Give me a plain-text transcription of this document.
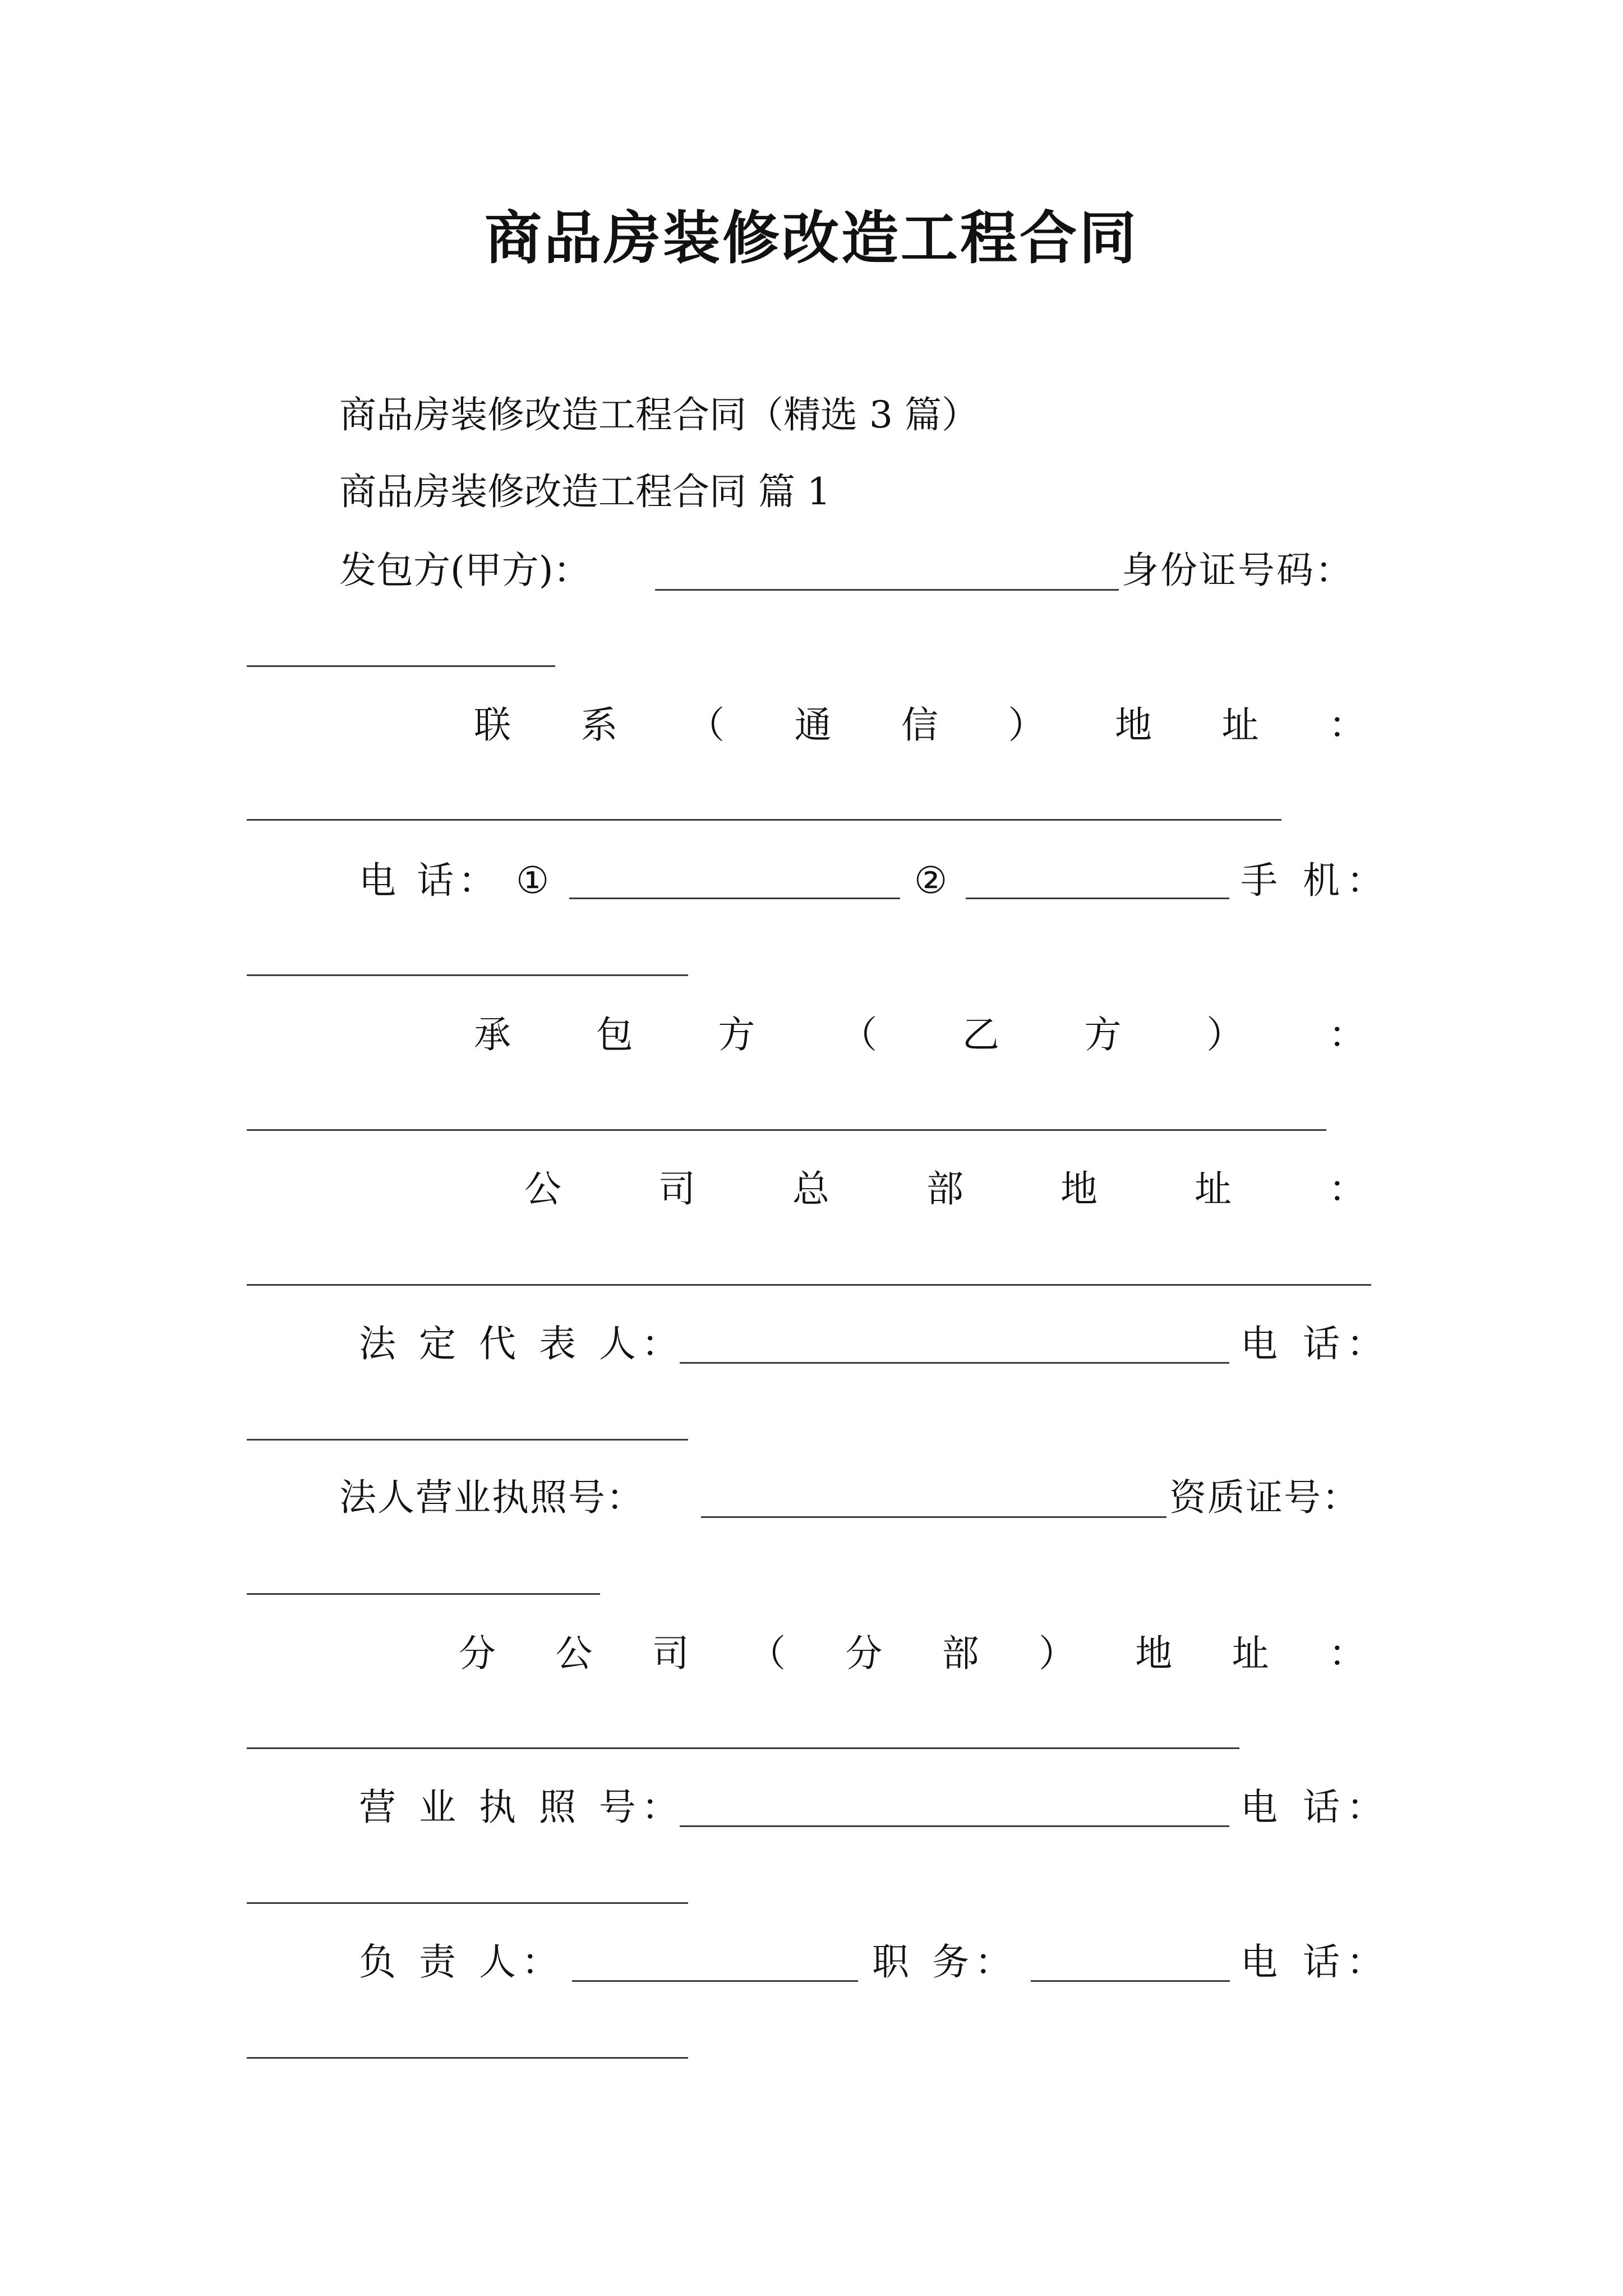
商品房装修改造工程合同
商品房装修改造工程合同（精选 3 篇）
商品房装修改造工程合同 篇 1
发包方(甲方)：	身份证号码：
联 系 （ 通 信 ） 地 址 ：
电 话： ①	②	手 机：
承 包 方 （ 乙 方 ） ：
公	司	总	部	地	址	：
法 定 代 表 人：	电 话：
法人营业执照号：	资质证号：
分 公 司 （ 分 部 ） 地 址 ：
营 业 执 照 号：	电 话：
负 责 人：	职 务：	电 话：
